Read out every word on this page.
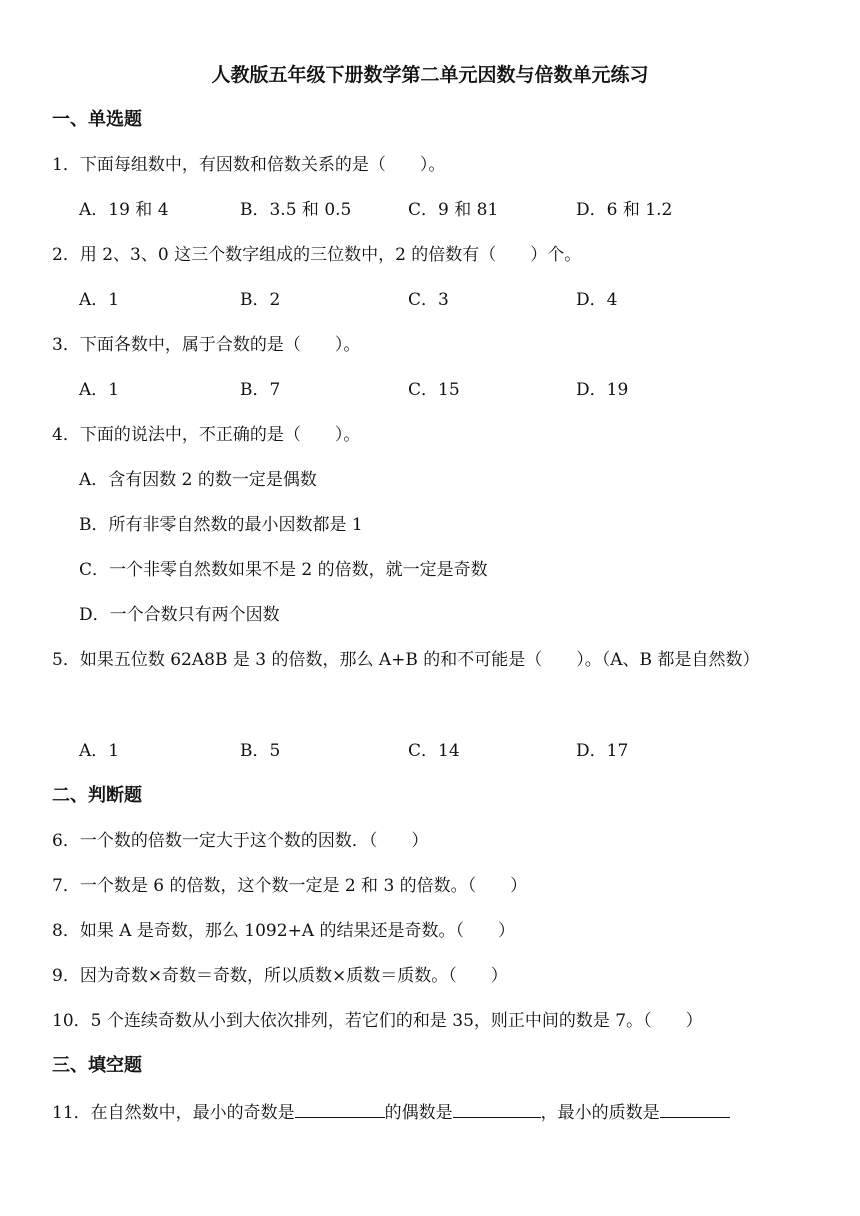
人教版五年级下册数学第二单元因数与倍数单元练习
一、单选题
1．下面每组数中，有因数和倍数关系的是（　　）。
A．19 和 4	B．3.5 和 0.5	C．9 和 81	D．6 和 1.2
2．用 2、3、0 这三个数字组成的三位数中，2 的倍数有（　　）个。
A．1	B．2	C．3	D．4
3．下面各数中，属于合数的是（　　）。
A．1	B．7	C．15	D．19
4．下面的说法中，不正确的是（　　）。
A．含有因数 2 的数一定是偶数
B．所有非零自然数的最小因数都是 1
C．一个非零自然数如果不是 2 的倍数，就一定是奇数
D．一个合数只有两个因数
5．如果五位数 62A8B 是 3 的倍数，那么 A+B 的和不可能是（　　）。（A、B 都是自然数）
A．1	B．5	C．14	D．17
二、判断题
6．一个数的倍数一定大于这个数的因数．（　　）
7．一个数是 6 的倍数，这个数一定是 2 和 3 的倍数。（　　）
8．如果 A 是奇数，那么 1092+A 的结果还是奇数。（　　）
9．因为奇数×奇数＝奇数，所以质数×质数＝质数。（　　）
10．5 个连续奇数从小到大依次排列，若它们的和是 35，则正中间的数是 7。（　　）
三、填空题
11．在自然数中，最小的奇数是	的偶数是	，最小的质数是
